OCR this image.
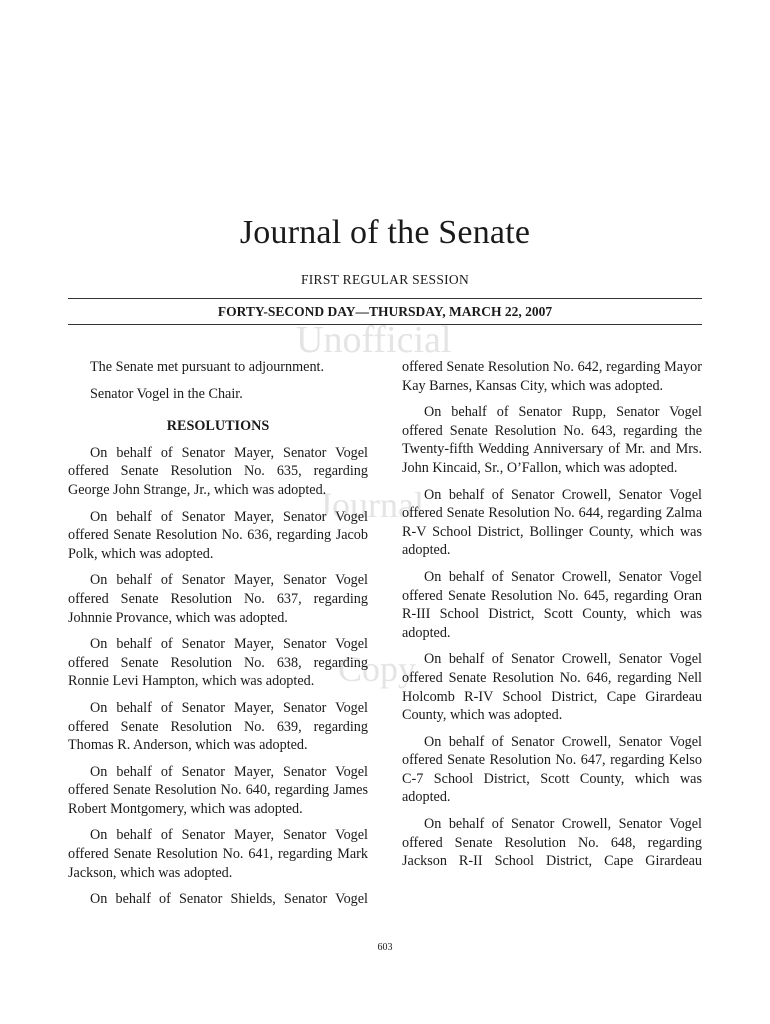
Unofficial
Journal
Copy
Journal of the Senate
FIRST REGULAR SESSION
FORTY-SECOND DAY—THURSDAY, MARCH 22, 2007

The Senate met pursuant to adjournment.

Senator Vogel in the Chair.

RESOLUTIONS

On behalf of Senator Mayer, Senator Vogel offered Senate Resolution No. 635, regarding George John Strange, Jr., which was adopted.

On behalf of Senator Mayer, Senator Vogel offered Senate Resolution No. 636, regarding Jacob Polk, which was adopted.

On behalf of Senator Mayer, Senator Vogel offered Senate Resolution No. 637, regarding Johnnie Provance, which was adopted.

On behalf of Senator Mayer, Senator Vogel offered Senate Resolution No. 638, regarding Ronnie Levi Hampton, which was adopted.

On behalf of Senator Mayer, Senator Vogel offered Senate Resolution No. 639, regarding Thomas R. Anderson, which was adopted.

On behalf of Senator Mayer, Senator Vogel offered Senate Resolution No. 640, regarding James Robert Montgomery, which was adopted.

On behalf of Senator Mayer, Senator Vogel offered Senate Resolution No. 641, regarding Mark Jackson, which was adopted.

On behalf of Senator Shields, Senator Vogel

offered Senate Resolution No. 642, regarding Mayor Kay Barnes, Kansas City, which was adopted.

On behalf of Senator Rupp, Senator Vogel offered Senate Resolution No. 643, regarding the Twenty-fifth Wedding Anniversary of Mr. and Mrs. John Kincaid, Sr., O’Fallon, which was adopted.

On behalf of Senator Crowell, Senator Vogel offered Senate Resolution No. 644, regarding Zalma R-V School District, Bollinger County, which was adopted.

On behalf of Senator Crowell, Senator Vogel offered Senate Resolution No. 645, regarding Oran R-III School District, Scott County, which was adopted.

On behalf of Senator Crowell, Senator Vogel offered Senate Resolution No. 646, regarding Nell Holcomb R-IV School District, Cape Girardeau County, which was adopted.

On behalf of Senator Crowell, Senator Vogel offered Senate Resolution No. 647, regarding Kelso C-7 School District, Scott County, which was adopted.

On behalf of Senator Crowell, Senator Vogel offered Senate Resolution No. 648, regarding Jackson R-II School District, Cape Girardeau

603
